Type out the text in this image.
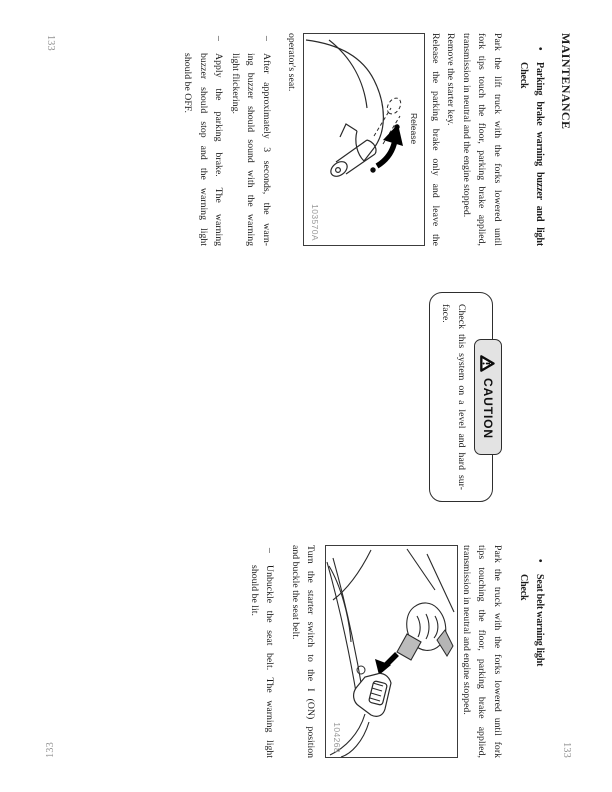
MAINTENANCE
133
133
133
•
Parking brake warning buzzer and light
Check
Park the lift truck with the forks lowered until
fork tips touch the floor, parking brake applied,
transmission in neutral and the engine stopped.
Remove the starter key.
Release the parking brake only and leave the
Release
103570A
operator's seat.
–
After approximately 3 seconds, the warn-
ing buzzer should sound with the warning
light flickering.
–
Apply the parking brake. The warning
buzzer should stop and the warning light
should be OFF.
CAUTION
Check this system on a level and hard sur-
face.
•
Seat belt warning light
Check
Park the truck with the forks lowered until fork
tips touching the floor, parking brake applied,
transmission in neutral and engine stopped.
104268
Turn the starter switch to the I (ON) position
and buckle the seat belt.
–
Unbuckle the seat belt. The warning light
should be lit.
